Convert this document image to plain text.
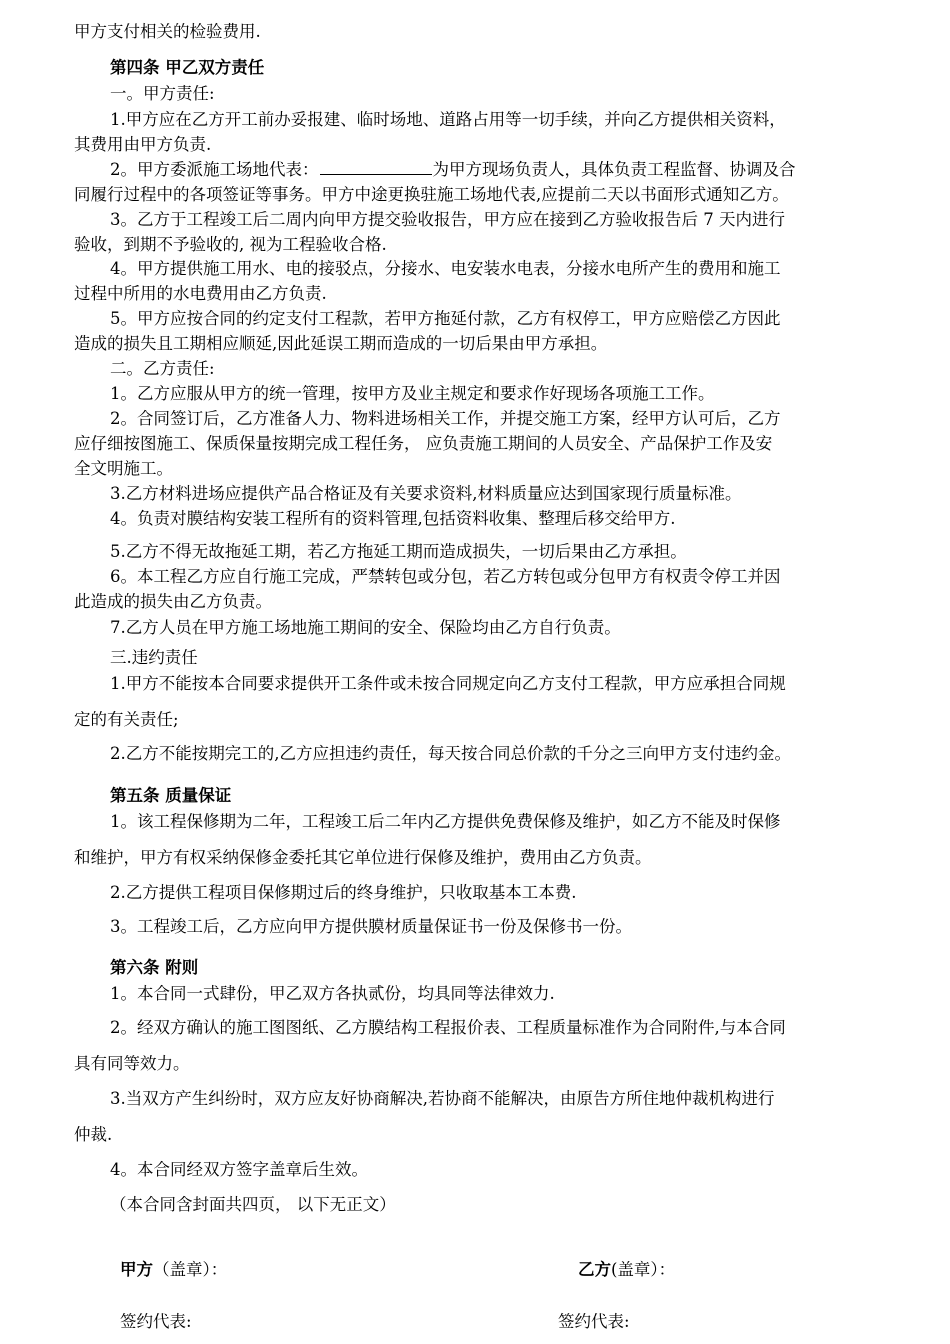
甲方支付相关的检验费用.

第四条 甲乙双方责任

一。甲方责任:

1.甲方应在乙方开工前办妥报建、临时场地、道路占用等一切手续，并向乙方提供相关资料，

其费用由甲方负责.

2。甲方委派施工场地代表：	为甲方现场负责人，具体负责工程监督、协调及合

同履行过程中的各项签证等事务。甲方中途更换驻施工场地代表,应提前二天以书面形式通知乙方。

3。乙方于工程竣工后二周内向甲方提交验收报告，甲方应在接到乙方验收报告后 7 天内进行

验收，到期不予验收的, 视为工程验收合格.

4。甲方提供施工用水、电的接驳点，分接水、电安装水电表，分接水电所产生的费用和施工

过程中所用的水电费用由乙方负责.

5。甲方应按合同的约定支付工程款，若甲方拖延付款，乙方有权停工，甲方应赔偿乙方因此

造成的损失且工期相应顺延,因此延误工期而造成的一切后果由甲方承担。

二。乙方责任:

1。乙方应服从甲方的统一管理，按甲方及业主规定和要求作好现场各项施工工作。

2。合同签订后，乙方准备人力、物料进场相关工作，并提交施工方案，经甲方认可后，乙方

应仔细按图施工、保质保量按期完成工程任务， 应负责施工期间的人员安全、产品保护工作及安

全文明施工。

3.乙方材料进场应提供产品合格证及有关要求资料,材料质量应达到国家现行质量标准。

4。负责对膜结构安装工程所有的资料管理,包括资料收集、整理后移交给甲方.

5.乙方不得无故拖延工期，若乙方拖延工期而造成损失，一切后果由乙方承担。

6。本工程乙方应自行施工完成，严禁转包或分包，若乙方转包或分包甲方有权责令停工并因

此造成的损失由乙方负责。

7.乙方人员在甲方施工场地施工期间的安全、保险均由乙方自行负责。

三.违约责任

1.甲方不能按本合同要求提供开工条件或未按合同规定向乙方支付工程款，甲方应承担合同规

定的有关责任;

2.乙方不能按期完工的,乙方应担违约责任，每天按合同总价款的千分之三向甲方支付违约金。

第五条 质量保证

1。该工程保修期为二年，工程竣工后二年内乙方提供免费保修及维护，如乙方不能及时保修

和维护，甲方有权采纳保修金委托其它单位进行保修及维护，费用由乙方负责。

2.乙方提供工程项目保修期过后的终身维护，只收取基本工本费.

3。工程竣工后，乙方应向甲方提供膜材质量保证书一份及保修书一份。

第六条 附则

1。本合同一式肆份，甲乙双方各执贰份，均具同等法律效力.

2。经双方确认的施工图图纸、乙方膜结构工程报价表、工程质量标准作为合同附件,与本合同

具有同等效力。

3.当双方产生纠纷时，双方应友好协商解决,若协商不能解决，由原告方所住地仲裁机构进行

仲裁.

4。本合同经双方签字盖章后生效。

（本合同含封面共四页， 以下无正文）

甲方（盖章）：	乙方(盖章）：

签约代表:	签约代表:
